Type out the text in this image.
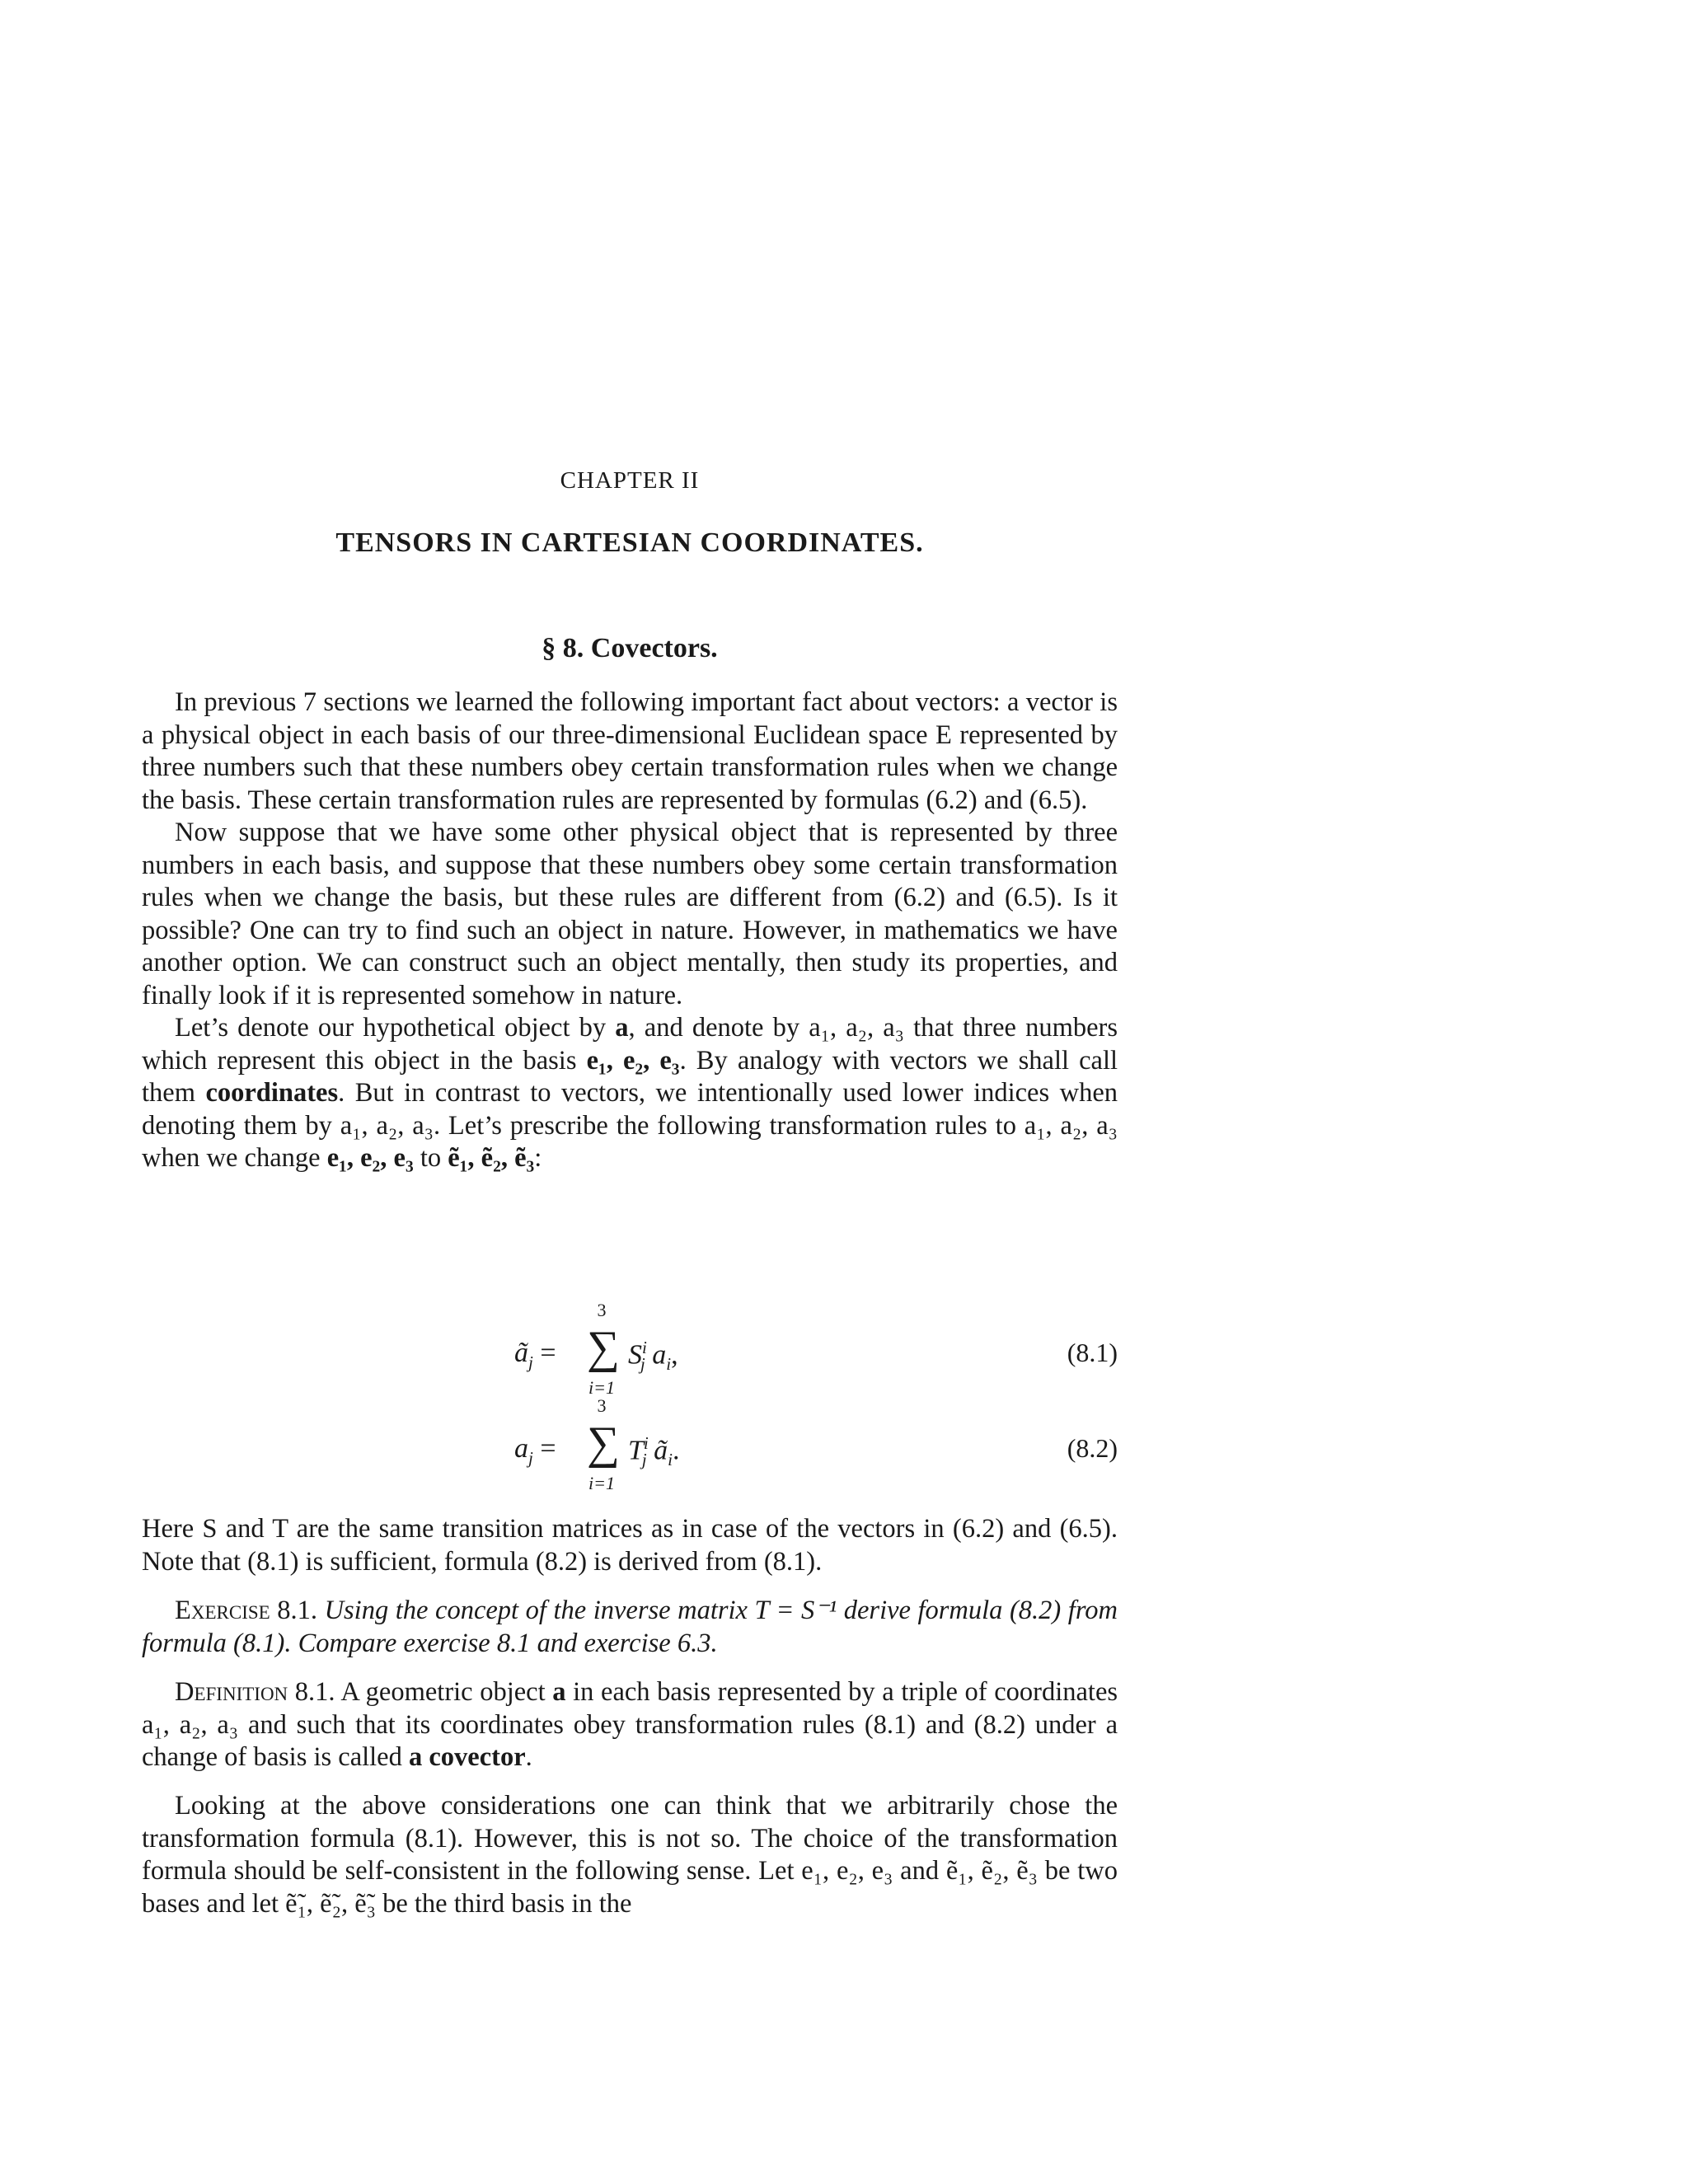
CHAPTER II
TENSORS IN CARTESIAN COORDINATES.
§ 8. Covectors.

In previous 7 sections we learned the following important fact about vectors: a vector is a physical object in each basis of our three-dimensional Euclidean space E represented by three numbers such that these numbers obey certain transformation rules when we change the basis. These certain transformation rules are represented by formulas (6.2) and (6.5).

Now suppose that we have some other physical object that is represented by three numbers in each basis, and suppose that these numbers obey some certain transformation rules when we change the basis, but these rules are different from (6.2) and (6.5). Is it possible? One can try to find such an object in nature. However, in mathematics we have another option. We can construct such an object mentally, then study its properties, and finally look if it is represented somehow in nature.

Let’s denote our hypothetical object by a, and denote by a₁, a₂, a₃ that three numbers which represent this object in the basis e₁, e₂, e₃. By analogy with vectors we shall call them coordinates. But in contrast to vectors, we intentionally used lower indices when denoting them by a₁, a₂, a₃. Let’s prescribe the following transformation rules to a₁, a₂, a₃ when we change e₁, e₂, e₃ to ẽ₁, ẽ₂, ẽ₃:

$ã_j$ =
3
∑
i=1
$S^i_j$ $a_i$,	(8.1)
$a_j$ =
3
∑
i=1
$T^i_j$ $ã_i$.	(8.2)

Here S and T are the same transition matrices as in case of the vectors in (6.2) and (6.5). Note that (8.1) is sufficient, formula (8.2) is derived from (8.1).

Exercise 8.1. Using the concept of the inverse matrix T = S⁻¹ derive formula (8.2) from formula (8.1). Compare exercise 8.1 and exercise 6.3.

Definition 8.1. A geometric object a in each basis represented by a triple of coordinates a₁, a₂, a₃ and such that its coordinates obey transformation rules (8.1) and (8.2) under a change of basis is called a covector.

Looking at the above considerations one can think that we arbitrarily chose the transformation formula (8.1). However, this is not so. The choice of the transformation formula should be self-consistent in the following sense. Let e₁, e₂, e₃ and ẽ₁, ẽ₂, ẽ₃ be two bases and let ẽ̃₁, ẽ̃₂, ẽ̃₃ be the third basis in the
